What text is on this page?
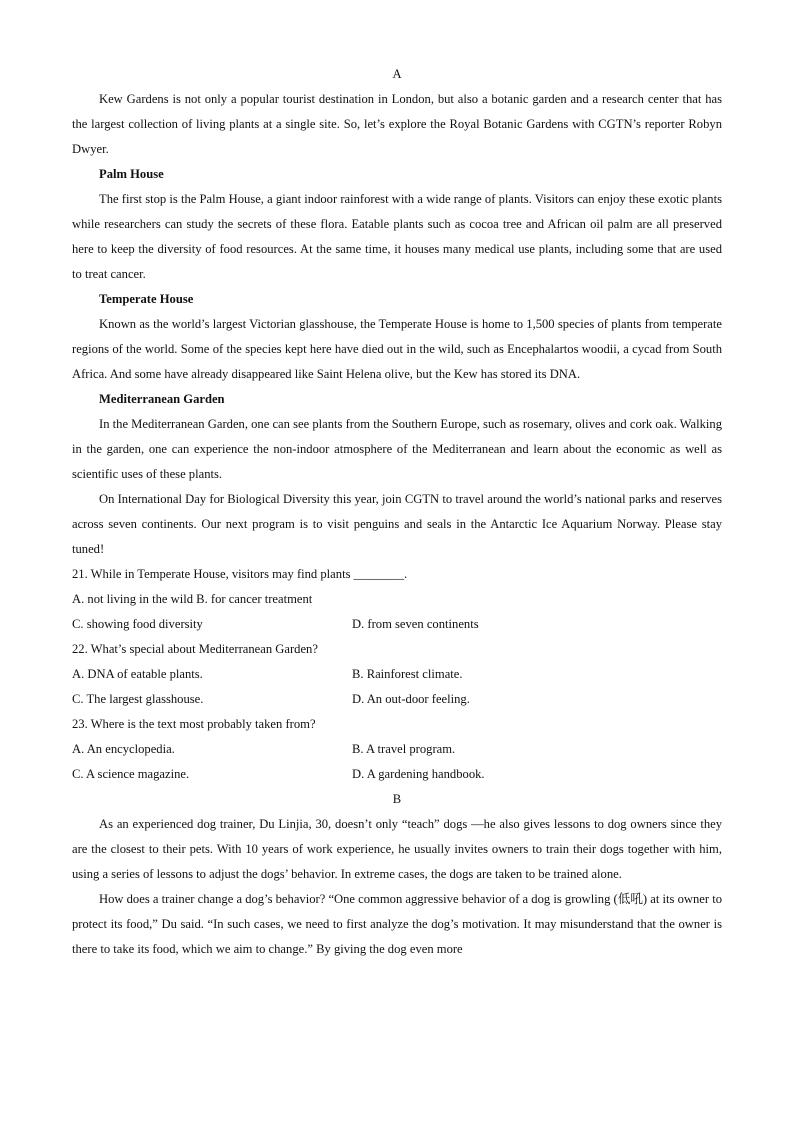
A
Kew Gardens is not only a popular tourist destination in London, but also a botanic garden and a research center that has the largest collection of living plants at a single site. So, let’s explore the Royal Botanic Gardens with CGTN’s reporter Robyn Dwyer.
Palm House
The first stop is the Palm House, a giant indoor rainforest with a wide range of plants. Visitors can enjoy these exotic plants while researchers can study the secrets of these flora. Eatable plants such as cocoa tree and African oil palm are all preserved here to keep the diversity of food resources. At the same time, it houses many medical use plants, including some that are used to treat cancer.
Temperate House
Known as the world’s largest Victorian glasshouse, the Temperate House is home to 1,500 species of plants from temperate regions of the world. Some of the species kept here have died out in the wild, such as Encephalartos woodii, a cycad from South Africa. And some have already disappeared like Saint Helena olive, but the Kew has stored its DNA.
Mediterranean Garden
In the Mediterranean Garden, one can see plants from the Southern Europe, such as rosemary, olives and cork oak. Walking in the garden, one can experience the non-indoor atmosphere of the Mediterranean and learn about the economic as well as scientific uses of these plants.
On International Day for Biological Diversity this year, join CGTN to travel around the world’s national parks and reserves across seven continents. Our next program is to visit penguins and seals in the Antarctic Ice Aquarium Norway. Please stay tuned!
21. While in Temperate House, visitors may find plants ________.
A. not living in the wild B. for cancer treatment
C. showing food diversity	D. from seven continents
22. What’s special about Mediterranean Garden?
A. DNA of eatable plants.	B. Rainforest climate.
C. The largest glasshouse.	D. An out-door feeling.
23. Where is the text most probably taken from?
A. An encyclopedia.	B. A travel program.
C. A science magazine.	D. A gardening handbook.
B
As an experienced dog trainer, Du Linjia, 30, doesn’t only “teach” dogs —he also gives lessons to dog owners since they are the closest to their pets. With 10 years of work experience, he usually invites owners to train their dogs together with him, using a series of lessons to adjust the dogs’ behavior. In extreme cases, the dogs are taken to be trained alone.
How does a trainer change a dog’s behavior? “One common aggressive behavior of a dog is growling (低吼) at its owner to protect its food,” Du said. “In such cases, we need to first analyze the dog’s motivation. It may misunderstand that the owner is there to take its food, which we aim to change.” By giving the dog even more
